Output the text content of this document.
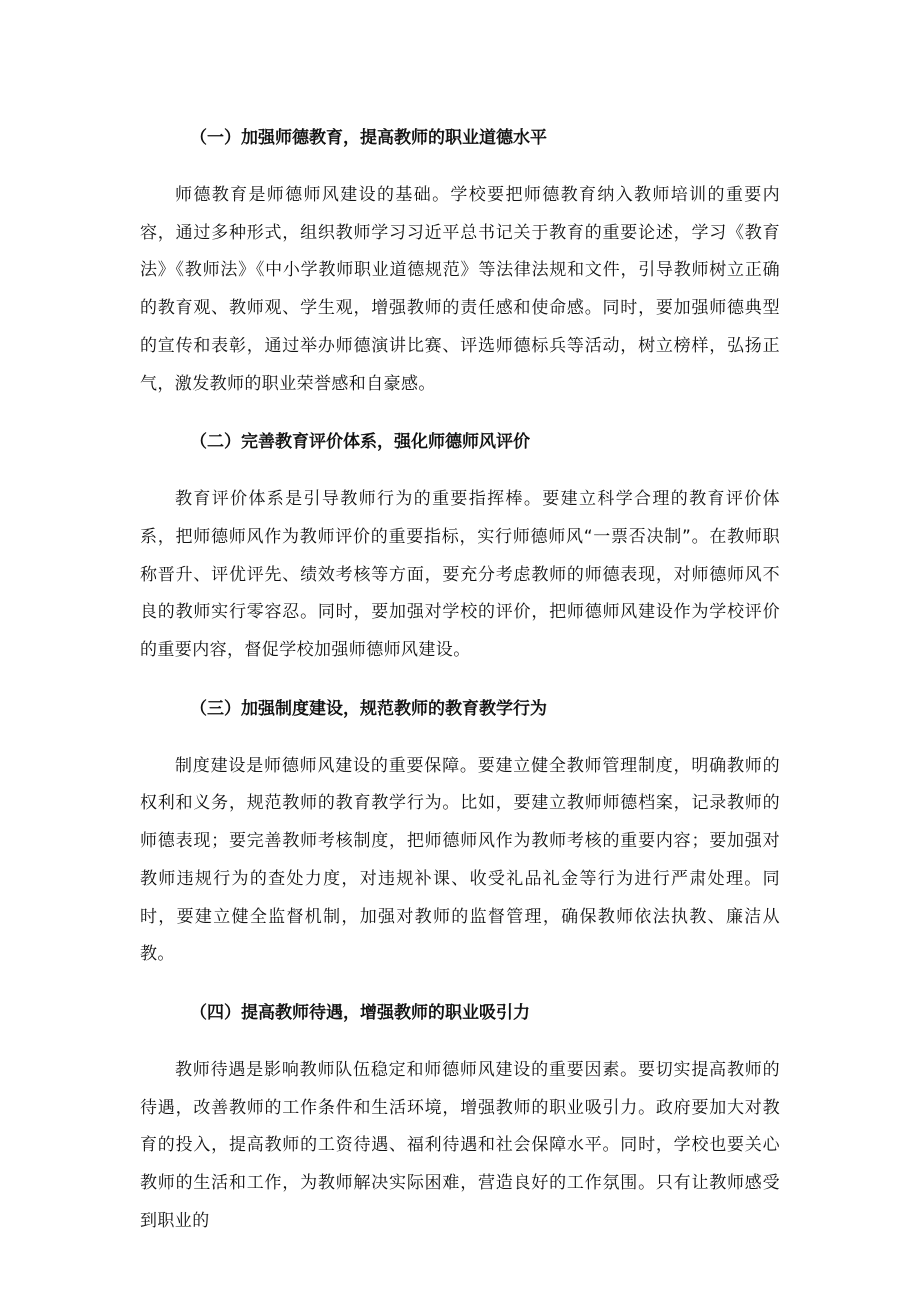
（一）加强师德教育，提高教师的职业道德水平

师德教育是师德师风建设的基础。学校要把师德教育纳入教师培训的重要内容，通过多种形式，组织教师学习习近平总书记关于教育的重要论述，学习《教育法》《教师法》《中小学教师职业道德规范》等法律法规和文件，引导教师树立正确的教育观、教师观、学生观，增强教师的责任感和使命感。同时，要加强师德典型的宣传和表彰，通过举办师德演讲比赛、评选师德标兵等活动，树立榜样，弘扬正气，激发教师的职业荣誉感和自豪感。

（二）完善教育评价体系，强化师德师风评价

教育评价体系是引导教师行为的重要指挥棒。要建立科学合理的教育评价体系，把师德师风作为教师评价的重要指标，实行师德师风“一票否决制”。在教师职称晋升、评优评先、绩效考核等方面，要充分考虑教师的师德表现，对师德师风不良的教师实行零容忍。同时，要加强对学校的评价，把师德师风建设作为学校评价的重要内容，督促学校加强师德师风建设。

（三）加强制度建设，规范教师的教育教学行为

制度建设是师德师风建设的重要保障。要建立健全教师管理制度，明确教师的权利和义务，规范教师的教育教学行为。比如，要建立教师师德档案，记录教师的师德表现；要完善教师考核制度，把师德师风作为教师考核的重要内容；要加强对教师违规行为的查处力度，对违规补课、收受礼品礼金等行为进行严肃处理。同时，要建立健全监督机制，加强对教师的监督管理，确保教师依法执教、廉洁从教。

（四）提高教师待遇，增强教师的职业吸引力

教师待遇是影响教师队伍稳定和师德师风建设的重要因素。要切实提高教师的待遇，改善教师的工作条件和生活环境，增强教师的职业吸引力。政府要加大对教育的投入，提高教师的工资待遇、福利待遇和社会保障水平。同时，学校也要关心教师的生活和工作，为教师解决实际困难，营造良好的工作氛围。只有让教师感受到职业的
